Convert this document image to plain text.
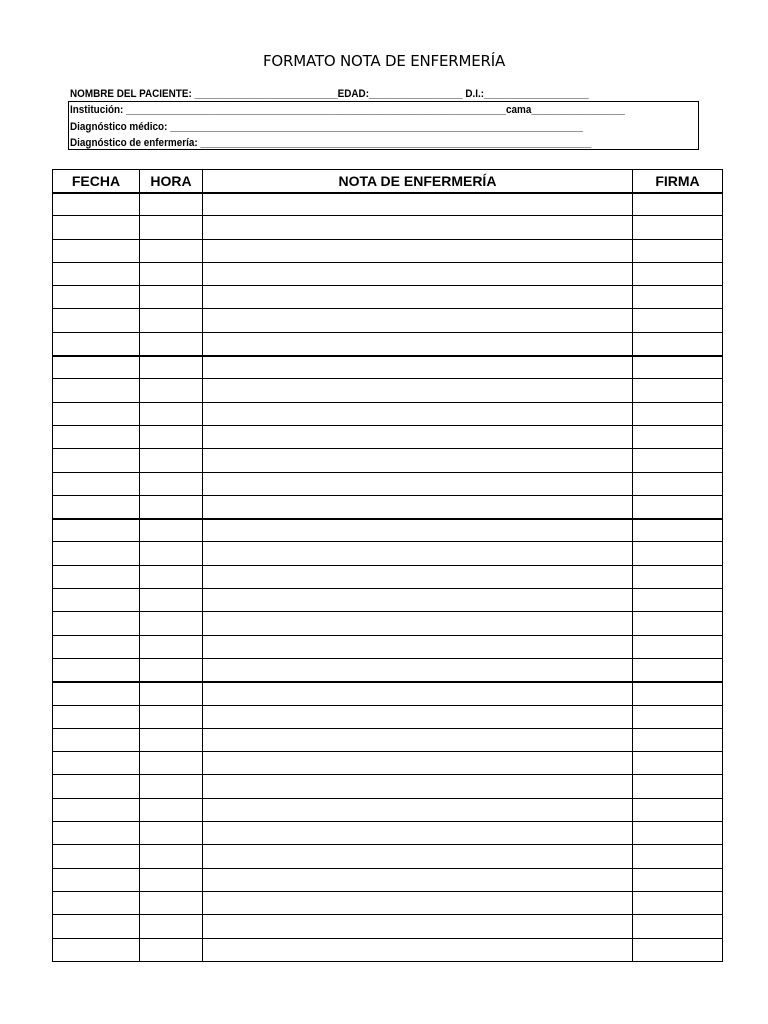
FORMATO NOTA DE ENFERMERÍA
NOMBRE DEL PACIENTE: __________________________EDAD:_________________ D.I.:___________________
Institución: _____________________________________________________________________cama_________________
Diagnóstico médico: ___________________________________________________________________________
Diagnóstico de enfermería: _______________________________________________________________________
FECHA	HORA	NOTA DE ENFERMERÍA	FIRMA
